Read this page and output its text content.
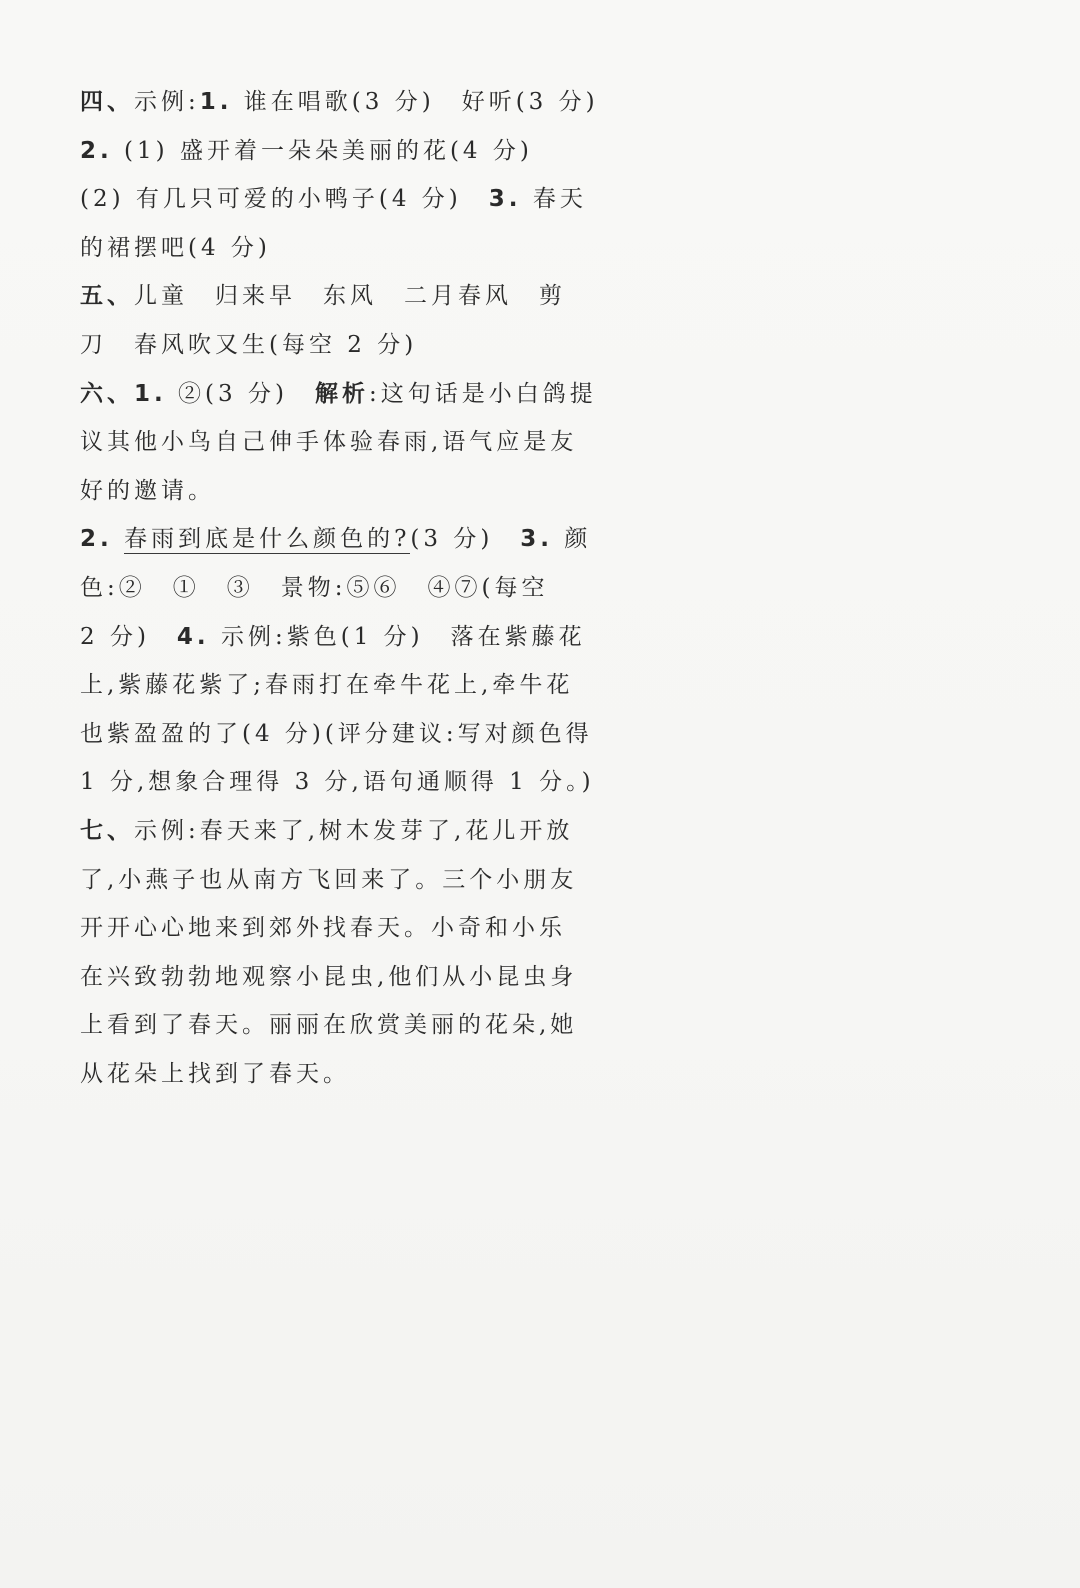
四、示例:1. 谁在唱歌(3 分)　好听(3 分)
2. (1) 盛开着一朵朵美丽的花(4 分)
(2) 有几只可爱的小鸭子(4 分)　3. 春天
的裙摆吧(4 分)
五、儿童　归来早　东风　二月春风　剪
刀　春风吹又生(每空 2 分)
六、1. ②(3 分)　解析:这句话是小白鸽提
议其他小鸟自己伸手体验春雨,语气应是友
好的邀请。
2. 春雨到底是什么颜色的?(3 分)　3. 颜
色:②　①　③　景物:⑤⑥　④⑦(每空
2 分)　4. 示例:紫色(1 分)　落在紫藤花
上,紫藤花紫了;春雨打在牵牛花上,牵牛花
也紫盈盈的了(4 分)(评分建议:写对颜色得
1 分,想象合理得 3 分,语句通顺得 1 分。)
七、示例:春天来了,树木发芽了,花儿开放
了,小燕子也从南方飞回来了。三个小朋友
开开心心地来到郊外找春天。小奇和小乐
在兴致勃勃地观察小昆虫,他们从小昆虫身
上看到了春天。丽丽在欣赏美丽的花朵,她
从花朵上找到了春天。
